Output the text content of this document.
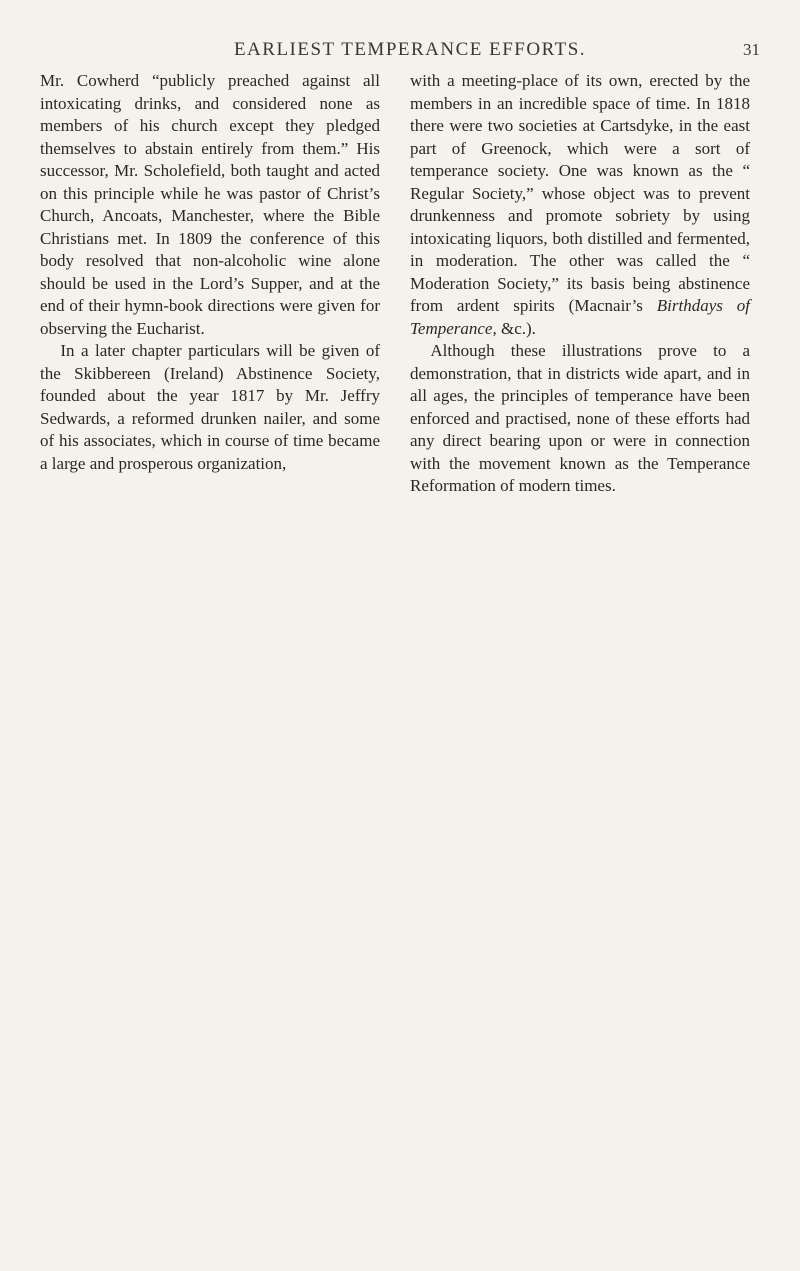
EARLIEST TEMPERANCE EFFORTS.	31

Mr. Cowherd “publicly preached against all intoxicating drinks, and considered none as members of his church except they pledged themselves to abstain entirely from them.” His successor, Mr. Scholefield, both taught and acted on this principle while he was pastor of Christ’s Church, Ancoats, Manchester, where the Bible Christians met. In 1809 the conference of this body resolved that non-alcoholic wine alone should be used in the Lord’s Supper, and at the end of their hymn-book directions were given for observing the Eucharist.

In a later chapter particulars will be given of the Skibbereen (Ireland) Abstinence Society, founded about the year 1817 by Mr. Jeffry Sedwards, a reformed drunken nailer, and some of his associates, which in course of time became a large and prosperous organization,

with a meeting-place of its own, erected by the members in an incredible space of time. In 1818 there were two societies at Cartsdyke, in the east part of Greenock, which were a sort of temperance society. One was known as the “ Regular Society,” whose object was to prevent drunkenness and promote sobriety by using intoxicating liquors, both distilled and fermented, in moderation. The other was called the “ Moderation Society,” its basis being abstinence from ardent spirits (Macnair’s Birthdays of Temperance, &c.).

Although these illustrations prove to a demonstration, that in districts wide apart, and in all ages, the principles of temperance have been enforced and practised, none of these efforts had any direct bearing upon or were in connection with the movement known as the Temperance Reformation of modern times.
